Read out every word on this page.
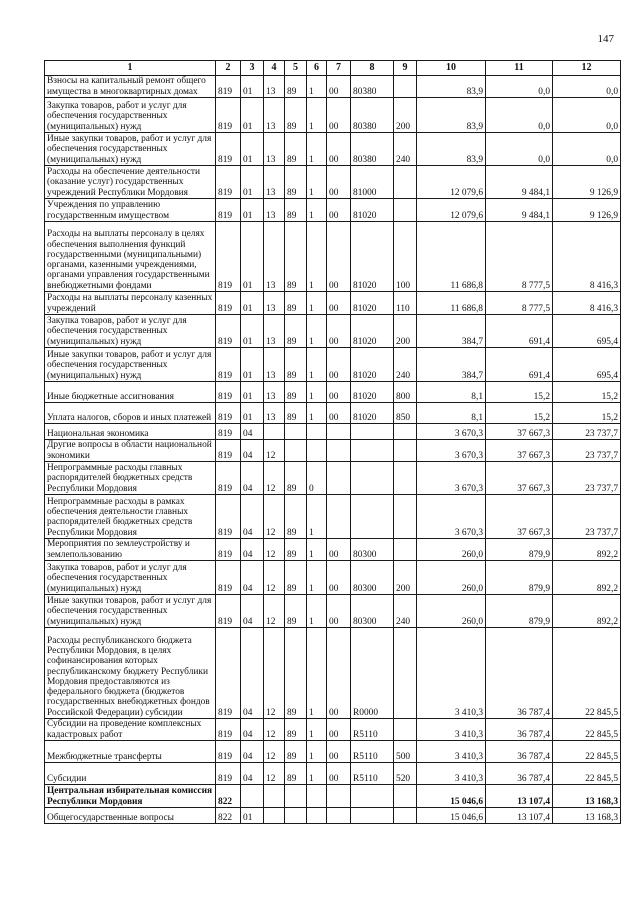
147
1	2	3	4	5	6	7	8	9	10	11	12
Взносы на капитальный ремонт общего имущества в многоквартирных домах	819	01	13	89	1	00	80380		83,9	0,0	0,0
Закупка товаров, работ и услуг для обеспечения государственных (муниципальных) нужд	819	01	13	89	1	00	80380	200	83,9	0,0	0,0
Иные закупки товаров, работ и услуг для обеспечения государственных (муниципальных) нужд	819	01	13	89	1	00	80380	240	83,9	0,0	0,0
Расходы на обеспечение деятельности (оказание услуг) государственных учреждений Республики Мордовия	819	01	13	89	1	00	81000		12 079,6	9 484,1	9 126,9
Учреждения по управлению государственным имуществом	819	01	13	89	1	00	81020		12 079,6	9 484,1	9 126,9
Расходы на выплаты персоналу в целях обеспечения выполнения функций государственными (муниципальными) органами, казенными учреждениями, органами управления государственными внебюджетными фондами	819	01	13	89	1	00	81020	100	11 686,8	8 777,5	8 416,3
Расходы на выплаты персоналу казенных учреждений	819	01	13	89	1	00	81020	110	11 686,8	8 777,5	8 416,3
Закупка товаров, работ и услуг для обеспечения государственных (муниципальных) нужд	819	01	13	89	1	00	81020	200	384,7	691,4	695,4
Иные закупки товаров, работ и услуг для обеспечения государственных (муниципальных) нужд	819	01	13	89	1	00	81020	240	384,7	691,4	695,4
Иные бюджетные ассигнования	819	01	13	89	1	00	81020	800	8,1	15,2	15,2
Уплата налогов, сборов и иных платежей	819	01	13	89	1	00	81020	850	8,1	15,2	15,2
Национальная экономика	819	04							3 670,3	37 667,3	23 737,7
Другие вопросы в области национальной экономики	819	04	12						3 670,3	37 667,3	23 737,7
Непрограммные расходы главных распорядителей бюджетных средств Республики Мордовия	819	04	12	89	0				3 670,3	37 667,3	23 737,7
Непрограммные расходы в рамках обеспечения деятельности главных распорядителей бюджетных средств Республики Мордовия	819	04	12	89	1				3 670,3	37 667,3	23 737,7
Мероприятия по землеустройству и землепользованию	819	04	12	89	1	00	80300		260,0	879,9	892,2
Закупка товаров, работ и услуг для обеспечения государственных (муниципальных) нужд	819	04	12	89	1	00	80300	200	260,0	879,9	892,2
Иные закупки товаров, работ и услуг для обеспечения государственных (муниципальных) нужд	819	04	12	89	1	00	80300	240	260,0	879,9	892,2
Расходы республиканского бюджета Республики Мордовия, в целях софинансирования которых республиканскому бюджету Республики Мордовия предоставляются из федерального бюджета (бюджетов государственных внебюджетных фондов Российской Федерации) субсидии	819	04	12	89	1	00	R0000		3 410,3	36 787,4	22 845,5
Субсидии на проведение комплексных кадастровых работ	819	04	12	89	1	00	R5110		3 410,3	36 787,4	22 845,5
Межбюджетные трансферты	819	04	12	89	1	00	R5110	500	3 410,3	36 787,4	22 845,5
Субсидии	819	04	12	89	1	00	R5110	520	3 410,3	36 787,4	22 845,5
Центральная избирательная комиссия Республики Мордовия	822								15 046,6	13 107,4	13 168,3
Общегосударственные вопросы	822	01							15 046,6	13 107,4	13 168,3
